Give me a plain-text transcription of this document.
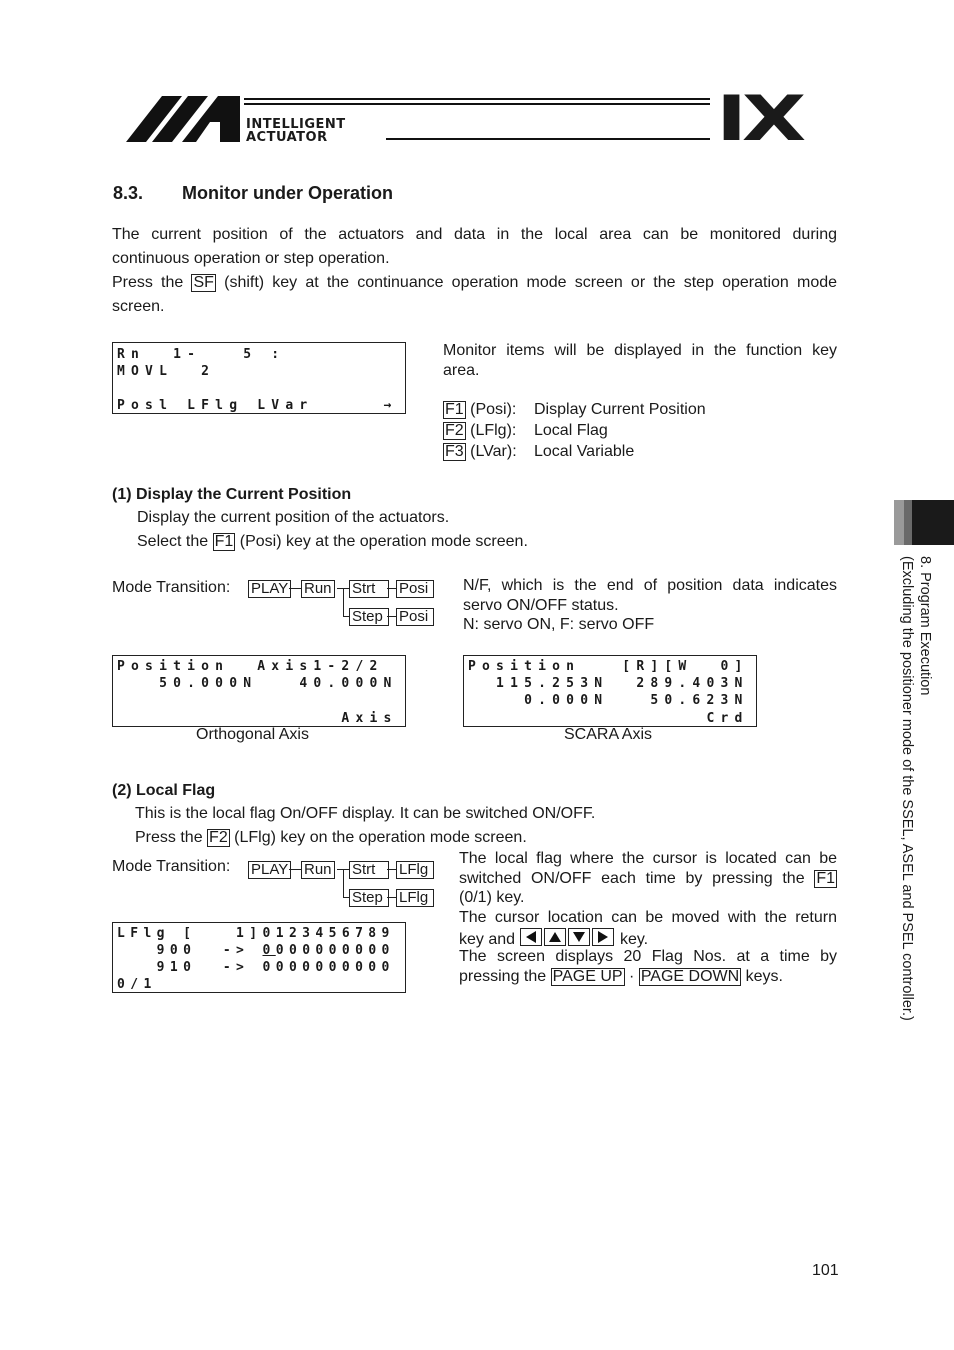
INTELLIGENT
ACTUATOR	IX
8.3. Monitor under Operation
The current position of the actuators and data in the local area can be monitored during
continuous operation or step operation.
Press the SF (shift) key at the continuance operation mode screen or the step operation mode
screen.
Rn  1-   5 :
MOVL  2
Posl LFlg LVar     →
Monitor items will be displayed in the function key
area.
F1 (Posi): Display Current Position
F2 (LFlg): Local Flag
F3 (LVar): Local Variable
(1) Display the Current Position
Display the current position of the actuators.
Select the F1 (Posi) key at the operation mode screen.
Mode Transition: PLAY Run Strt
Step
Posi
Posi
N/F, which is the end of position data indicates
servo ON/OFF status.
N: servo ON, F: servo OFF
Position  Axis1-2/2
50.000N   40.000N
Axis
Orthogonal Axis
Position   [R][W  0]
115.253N  289.403N
0.000N   50.623N
Crd
SCARA Axis
(2) Local Flag
This is the local flag On/OFF display. It can be switched ON/OFF.
Press the F2 (LFlg) key on the operation mode screen.
Mode Transition: PLAY Run Strt
Step
LFlg
LFlg
The local flag where the cursor is located can be
switched ON/OFF each time by pressing the F1
(0/1) key.
The cursor location can be moved with the return
key and	key.
The screen displays 20 Flag Nos. at a time by
pressing the PAGE UP · PAGE DOWN keys.
LFlg [   1]0123456789
900  -> 0000000000
910  -> 0000000000
0/1
8. Program Execution
(Excluding the positioner mode of the SSEL, ASEL and PSEL controller.)
101
